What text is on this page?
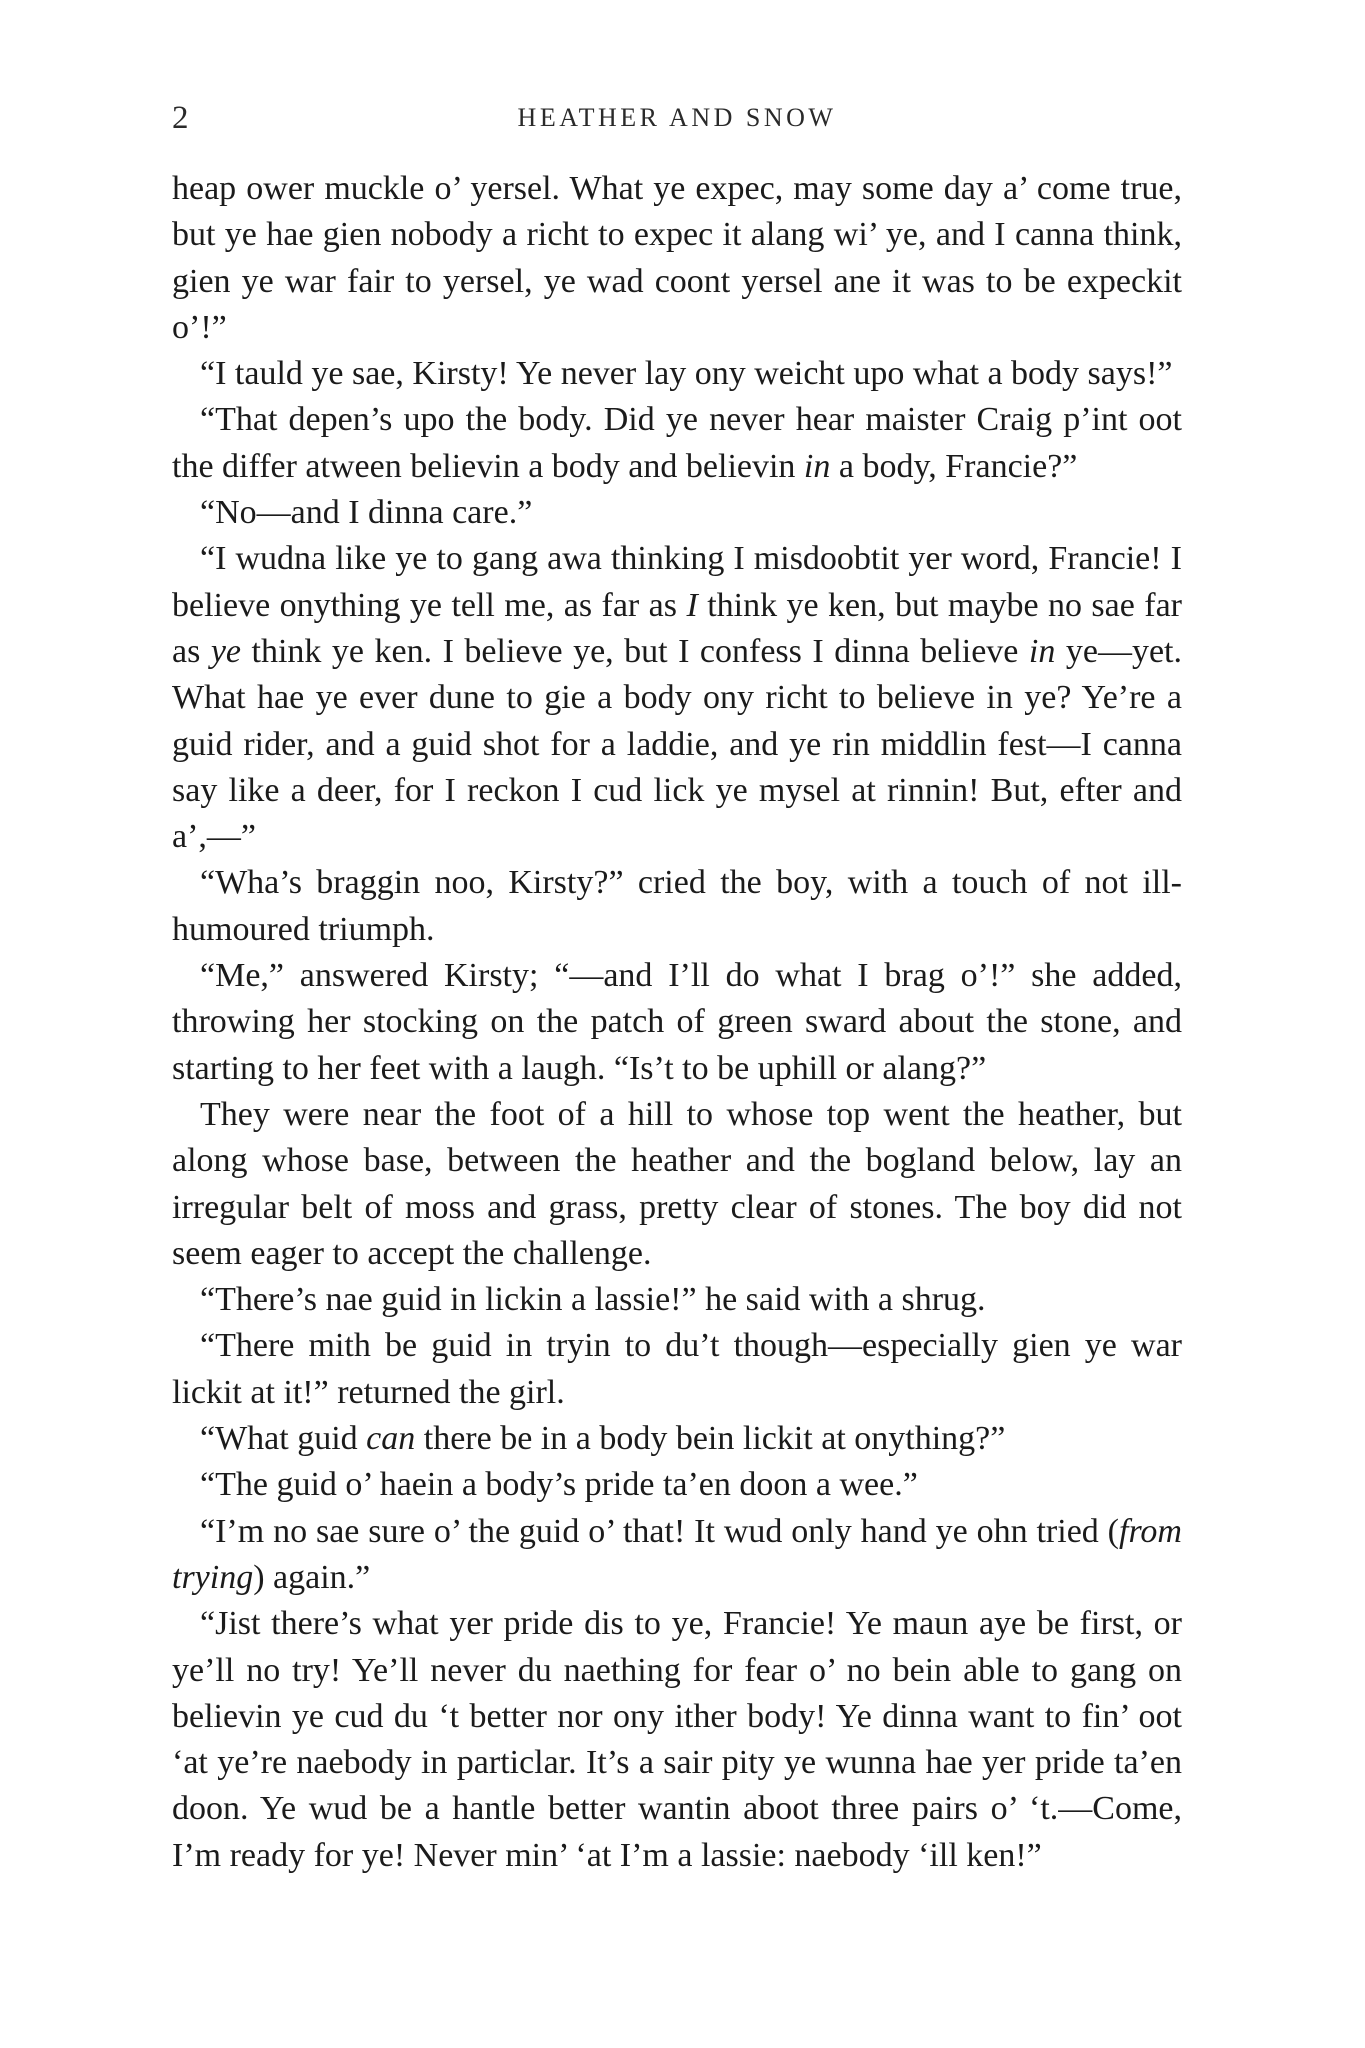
2	HEATHER AND SNOW

heap ower muckle o’ yersel. What ye expec, may some day a’ come true, but ye hae gien nobody a richt to expec it alang wi’ ye, and I canna think, gien ye war fair to yersel, ye wad coont yersel ane it was to be expeckit o’!”

“I tauld ye sae, Kirsty! Ye never lay ony weicht upo what a body says!”

“That depen’s upo the body. Did ye never hear maister Craig p’int oot the differ atween believin a body and believin in a body, Francie?”

“No—and I dinna care.”

“I wudna like ye to gang awa thinking I misdoobtit yer word, Francie! I believe onything ye tell me, as far as I think ye ken, but maybe no sae far as ye think ye ken. I believe ye, but I confess I dinna believe in ye—yet. What hae ye ever dune to gie a body ony richt to believe in ye? Ye’re a guid rider, and a guid shot for a laddie, and ye rin middlin fest—I canna say like a deer, for I reckon I cud lick ye mysel at rinnin! But, efter and a’,—”

“Wha’s braggin noo, Kirsty?” cried the boy, with a touch of not illhumoured triumph.

“Me,” answered Kirsty; “—and I’ll do what I brag o’!” she added, throwing her stocking on the patch of green sward about the stone, and starting to her feet with a laugh. “Is’t to be uphill or alang?”

They were near the foot of a hill to whose top went the heather, but along whose base, between the heather and the bogland below, lay an irregular belt of moss and grass, pretty clear of stones. The boy did not seem eager to accept the challenge.

“There’s nae guid in lickin a lassie!” he said with a shrug.

“There mith be guid in tryin to du’t though—especially gien ye war lickit at it!” returned the girl.

“What guid can there be in a body bein lickit at onything?”

“The guid o’ haein a body’s pride ta’en doon a wee.”

“I’m no sae sure o’ the guid o’ that! It wud only hand ye ohn tried (from trying) again.”

“Jist there’s what yer pride dis to ye, Francie! Ye maun aye be first, or ye’ll no try! Ye’ll never du naething for fear o’ no bein able to gang on believin ye cud du ‘t better nor ony ither body! Ye dinna want to fin’ oot ‘at ye’re naebody in particlar. It’s a sair pity ye wunna hae yer pride ta’en doon. Ye wud be a hantle better wantin aboot three pairs o’ ‘t.—Come, I’m ready for ye! Never min’ ‘at I’m a lassie: naebody ‘ill ken!”
